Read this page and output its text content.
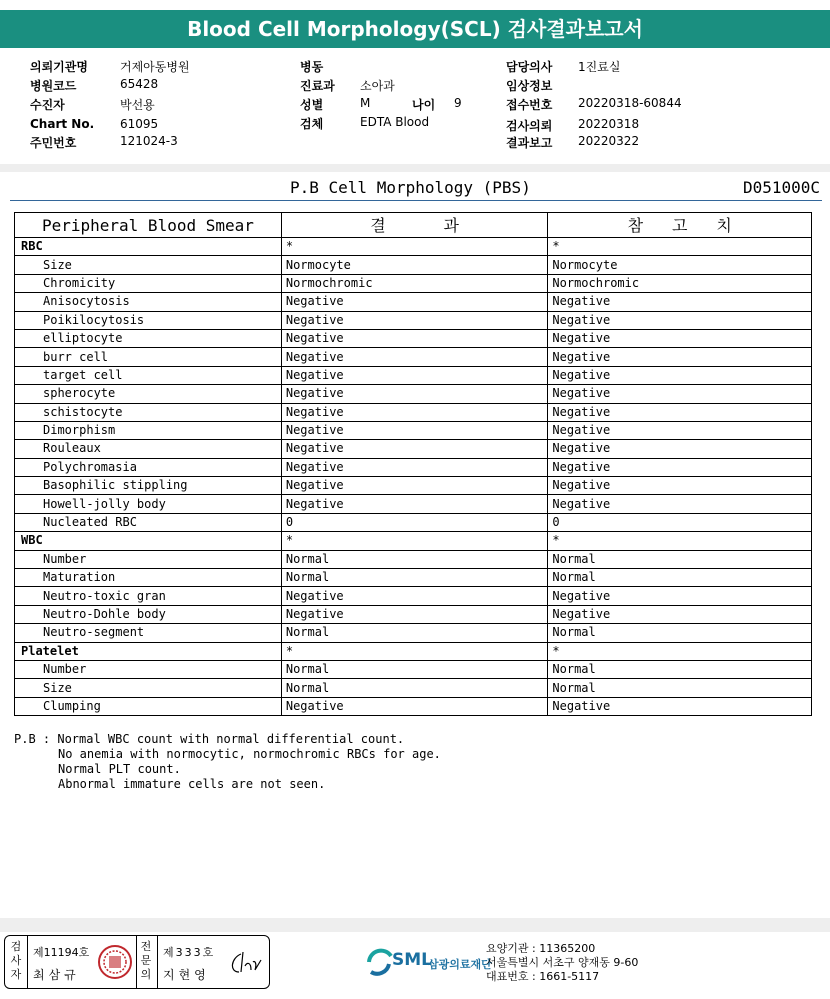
Blood Cell Morphology(SCL) 검사결과보고서
의뢰기관명	거제아동병원
병원코드	65428
수진자	박선용
Chart No. 61095
주민번호	121024-3
병동
진료과 소아과
성별	M	나이 9
검체	EDTA Blood
담당의사 1진료실
임상정보
접수번호 20220318-60844
검사의뢰 20220318
결과보고 20220322
P.B Cell Morphology (PBS)	D051000C
Peripheral Blood Smear	결      과	참   고   치
RBC	*	*
Size	Normocyte	Normocyte
Chromicity	Normochromic	Normochromic
Anisocytosis	Negative	Negative
Poikilocytosis	Negative	Negative
elliptocyte	Negative	Negative
burr cell	Negative	Negative
target cell	Negative	Negative
spherocyte	Negative	Negative
schistocyte	Negative	Negative
Dimorphism	Negative	Negative
Rouleaux	Negative	Negative
Polychromasia	Negative	Negative
Basophilic stippling	Negative	Negative
Howell-jolly body	Negative	Negative
Nucleated RBC	0	0
WBC	*	*
Number	Normal	Normal
Maturation	Normal	Normal
Neutro-toxic gran	Negative	Negative
Neutro-Dohle body	Negative	Negative
Neutro-segment	Normal	Normal
Platelet	*	*
Number	Normal	Normal
Size	Normal	Normal
Clumping	Negative	Negative
P.B : Normal WBC count with normal differential count.
No anemia with normocytic, normochromic RBCs for age.
Normal PLT count.
Abnormal immature cells are not seen.
검
사
자
제11194호
최삼규
전
문
의
제333호
지현영
SML
삼광의료재단
요양기관 : 11365200
서울특별시 서초구 양재동 9-60
대표번호 : 1661-5117
